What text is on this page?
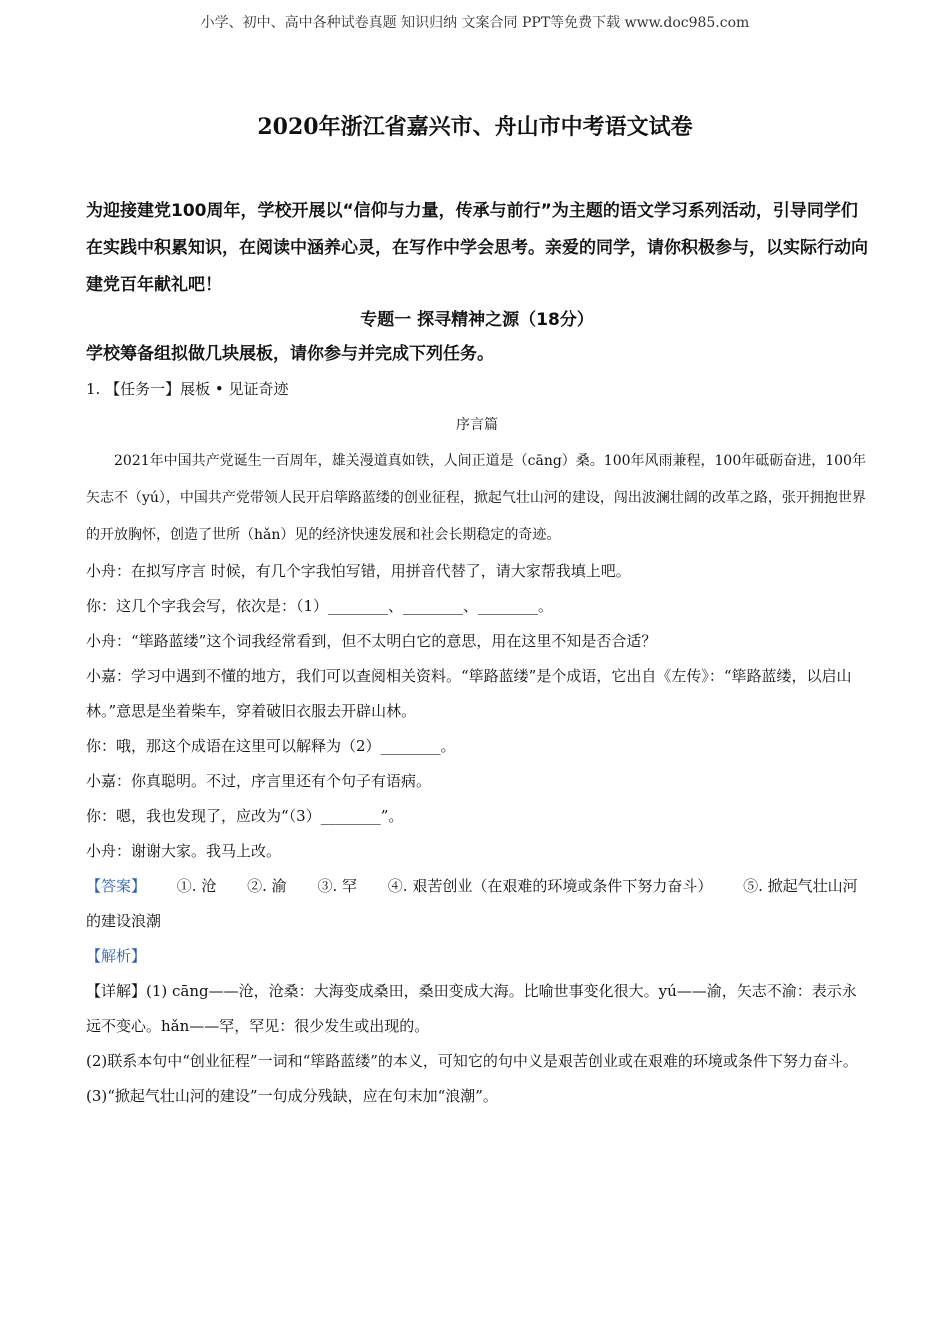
小学、初中、高中各种试卷真题 知识归纳 文案合同 PPT等免费下载 www.doc985.com
2020年浙江省嘉兴市、舟山市中考语文试卷

为迎接建党100周年，学校开展以“信仰与力量，传承与前行”为主题的语文学习系列活动，引导同学们在实践中积累知识，在阅读中涵养心灵，在写作中学会思考。亲爱的同学，请你积极参与，以实际行动向建党百年献礼吧！

专题一 探寻精神之源（18分）

学校筹备组拟做几块展板，请你参与并完成下列任务。

1. 【任务一】展板 • 见证奇迹

序言篇

2021年中国共产党诞生一百周年，雄关漫道真如铁，人间正道是（cāng）桑。100年风雨兼程，100年砥砺奋进，100年矢志不（yú），中国共产党带领人民开启筚路蓝缕的创业征程，掀起气壮山河的建设，闯出波澜壮阔的改革之路，张开拥抱世界的开放胸怀，创造了世所（hǎn）见的经济快速发展和社会长期稳定的奇迹。

小舟：在拟写序言 时候，有几个字我怕写错，用拼音代替了，请大家帮我填上吧。

你：这几个字我会写，依次是：（1）________、________、________。

小舟：“筚路蓝缕”这个词我经常看到，但不太明白它的意思，用在这里不知是否合适？

小嘉：学习中遇到不懂的地方，我们可以查阅相关资料。“筚路蓝缕”是个成语，它出自《左传》：“筚路蓝缕，以启山林。”意思是坐着柴车，穿着破旧衣服去开辟山林。

你：哦，那这个成语在这里可以解释为（2）________。

小嘉：你真聪明。不过，序言里还有个句子有语病。

你：嗯，我也发现了，应改为“（3）________”。

小舟：谢谢大家。我马上改。

【答案】 ①. 沧 ②. 渝 ③. 罕 ④. 艰苦创业（在艰难的环境或条件下努力奋斗） ⑤. 掀起气壮山河的建设浪潮

【解析】

【详解】(1) cāng——沧，沧桑：大海变成桑田，桑田变成大海。比喻世事变化很大。yú——渝，矢志不渝：表示永远不变心。hǎn——罕，罕见：很少发生或出现的。

(2)联系本句中“创业征程”一词和“筚路蓝缕”的本义，可知它的句中义是艰苦创业或在艰难的环境或条件下努力奋斗。

(3)“掀起气壮山河的建设”一句成分残缺，应在句末加“浪潮”。
